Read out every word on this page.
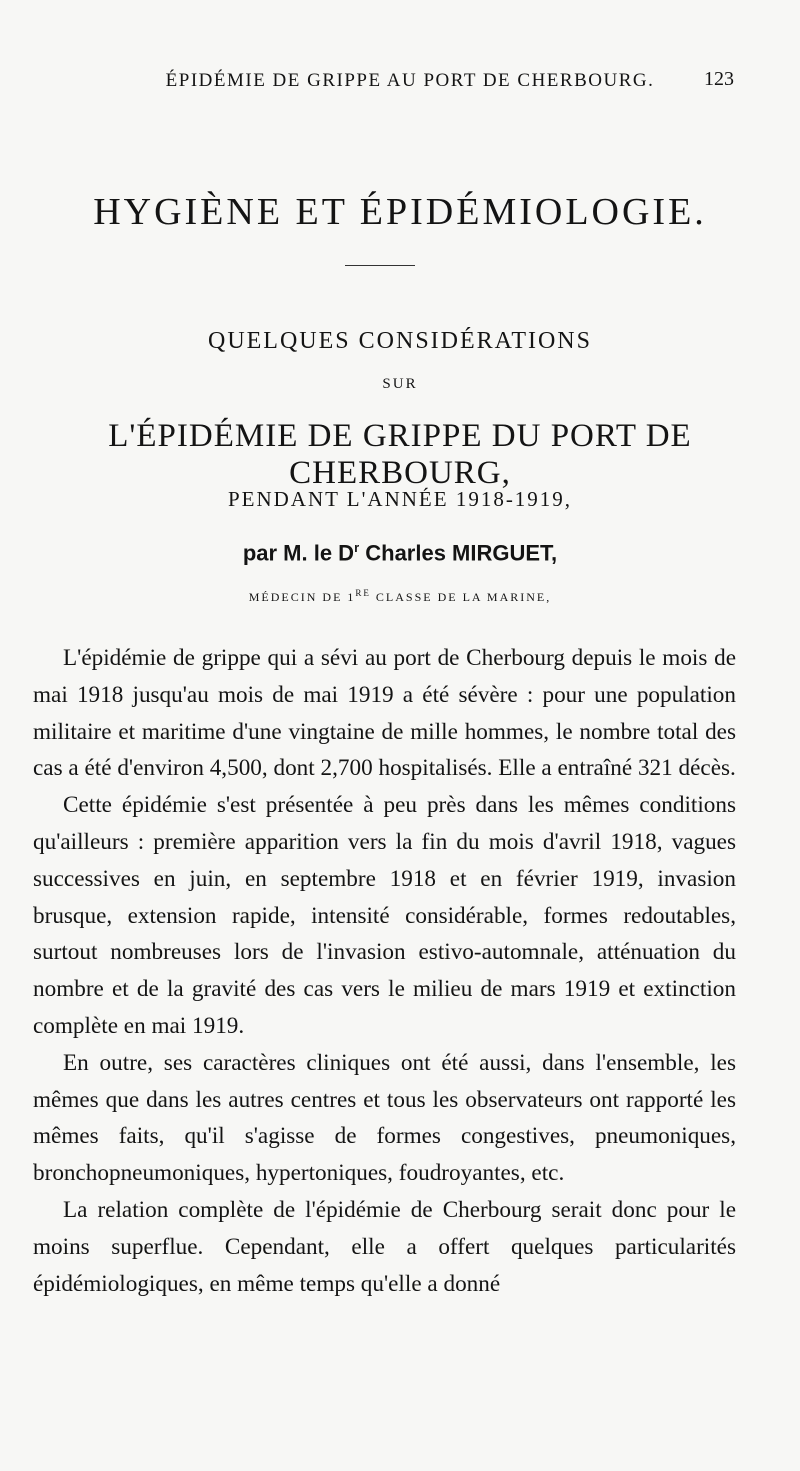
ÉPIDÉMIE DE GRIPPE AU PORT DE CHERBOURG.	123
HYGIÈNE ET ÉPIDÉMIOLOGIE.
QUELQUES CONSIDÉRATIONS
SUR
L'ÉPIDÉMIE DE GRIPPE DU PORT DE CHERBOURG,
PENDANT L'ANNÉE 1918-1919,
par M. le $D^r$ Charles MIRGUET,
MÉDECIN DE 1RE CLASSE DE LA MARINE,

L'épidémie de grippe qui a sévi au port de Cherbourg depuis le mois de mai 1918 jusqu'au mois de mai 1919 a été sévère : pour une population militaire et maritime d'une vingtaine de mille hommes, le nombre total des cas a été d'environ 4,500, dont 2,700 hospitalisés. Elle a entraîné 321 décès.

Cette épidémie s'est présentée à peu près dans les mêmes conditions qu'ailleurs : première apparition vers la fin du mois d'avril 1918, vagues successives en juin, en septembre 1918 et en février 1919, invasion brusque, extension rapide, intensité considérable, formes redoutables, surtout nombreuses lors de l'invasion estivo-automnale, atténuation du nombre et de la gravité des cas vers le milieu de mars 1919 et extinction complète en mai 1919.

En outre, ses caractères cliniques ont été aussi, dans l'ensemble, les mêmes que dans les autres centres et tous les observateurs ont rapporté les mêmes faits, qu'il s'agisse de formes congestives, pneumoniques, bronchopneumoniques, hypertoniques, foudroyantes, etc.

La relation complète de l'épidémie de Cherbourg serait donc pour le moins superflue. Cependant, elle a offert quelques particularités épidémiologiques, en même temps qu'elle a donné
